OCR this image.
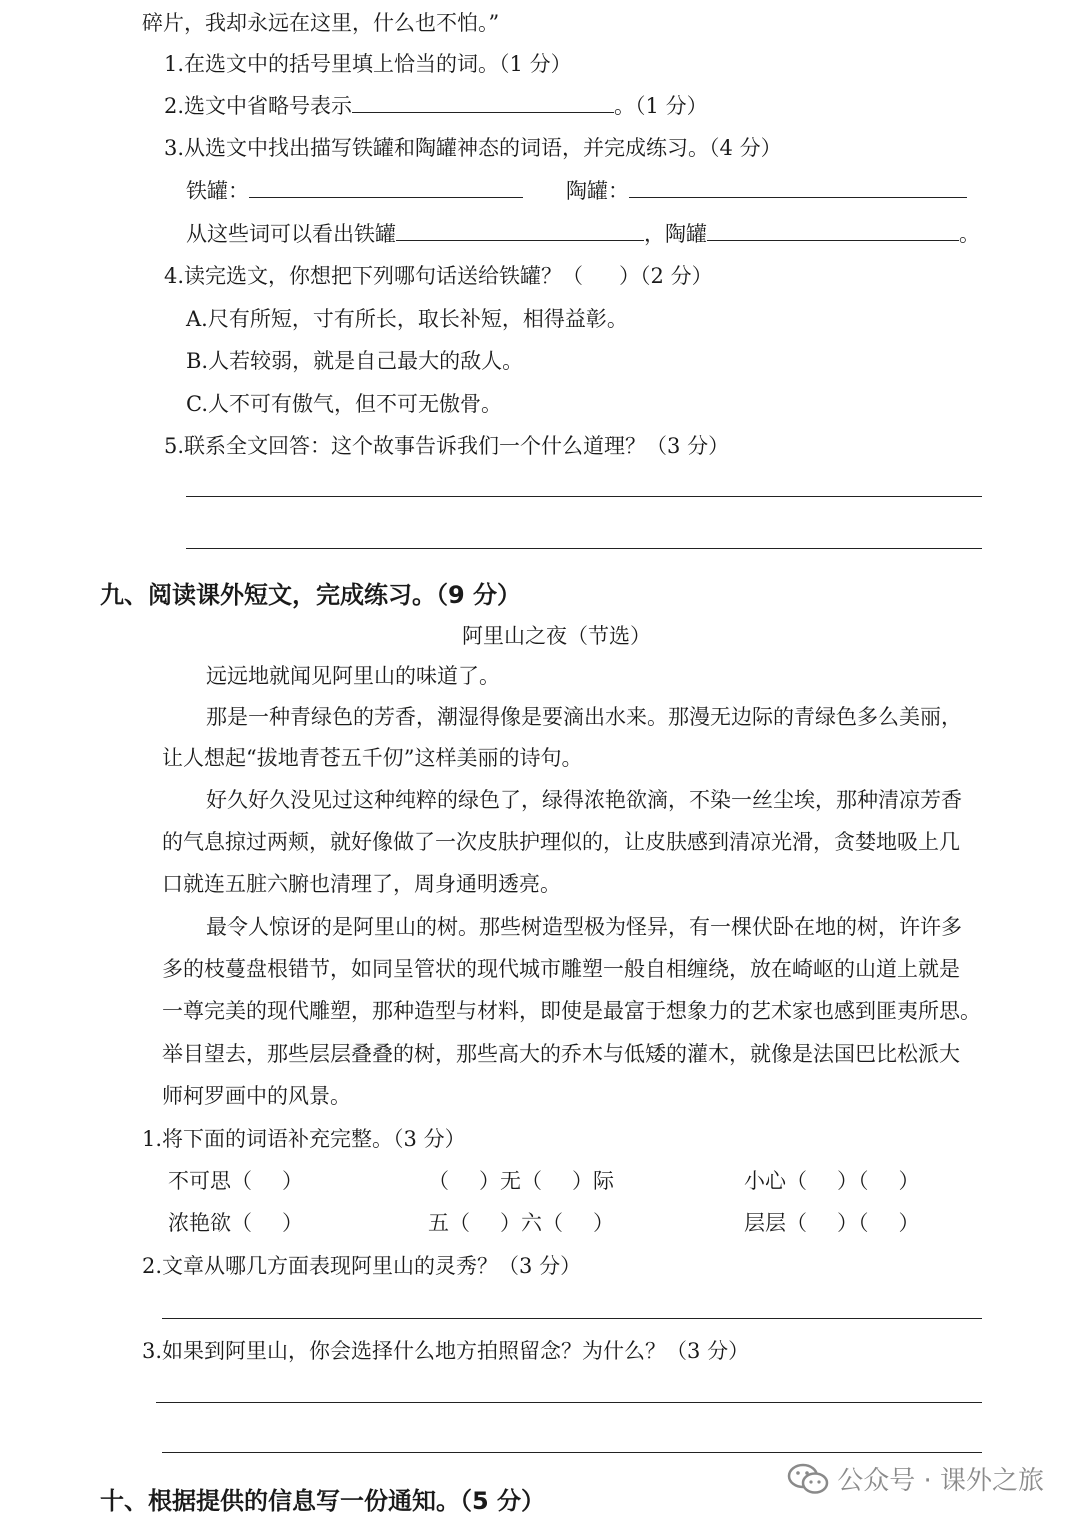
碎片，我却永远在这里，什么也不怕。”
1.在选文中的括号里填上恰当的词。（1 分）
2.选文中省略号表示	。（1 分）
3.从选文中找出描写铁罐和陶罐神态的词语，并完成练习。（4 分）
铁罐：	陶罐：
从这些词可以看出铁罐	，陶罐	。
4.读完选文，你想把下列哪句话送给铁罐？（ ）（2 分）
A.尺有所短，寸有所长，取长补短，相得益彰。
B.人若较弱，就是自己最大的敌人。
C.人不可有傲气，但不可无傲骨。
5.联系全文回答：这个故事告诉我们一个什么道理？（3 分）
九、阅读课外短文，完成练习。（9 分）
阿里山之夜（节选）
远远地就闻见阿里山的味道了。
那是一种青绿色的芳香，潮湿得像是要滴出水来。那漫无边际的青绿色多么美丽，
让人想起“拔地青苍五千仞”这样美丽的诗句。
好久好久没见过这种纯粹的绿色了，绿得浓艳欲滴，不染一丝尘埃，那种清凉芳香
的气息掠过两颊，就好像做了一次皮肤护理似的，让皮肤感到清凉光滑，贪婪地吸上几
口就连五脏六腑也清理了，周身通明透亮。
最令人惊讶的是阿里山的树。那些树造型极为怪异，有一棵伏卧在地的树，许许多
多的枝蔓盘根错节，如同呈管状的现代城市雕塑一般自相缠绕，放在崎岖的山道上就是
一尊完美的现代雕塑，那种造型与材料，即使是最富于想象力的艺术家也感到匪夷所思。
举目望去，那些层层叠叠的树，那些高大的乔木与低矮的灌木，就像是法国巴比松派大
师柯罗画中的风景。
1.将下面的词语补充完整。（3 分）
不可思（ ）	（ ）无（ ）际	小心（ ）（ ）
浓艳欲（ ）	五（ ）六（ ）	层层（ ）（ ）
2.文章从哪几方面表现阿里山的灵秀？（3 分）
3.如果到阿里山，你会选择什么地方拍照留念？为什么？（3 分）
十、根据提供的信息写一份通知。（5 分）
公众号 · 课外之旅
